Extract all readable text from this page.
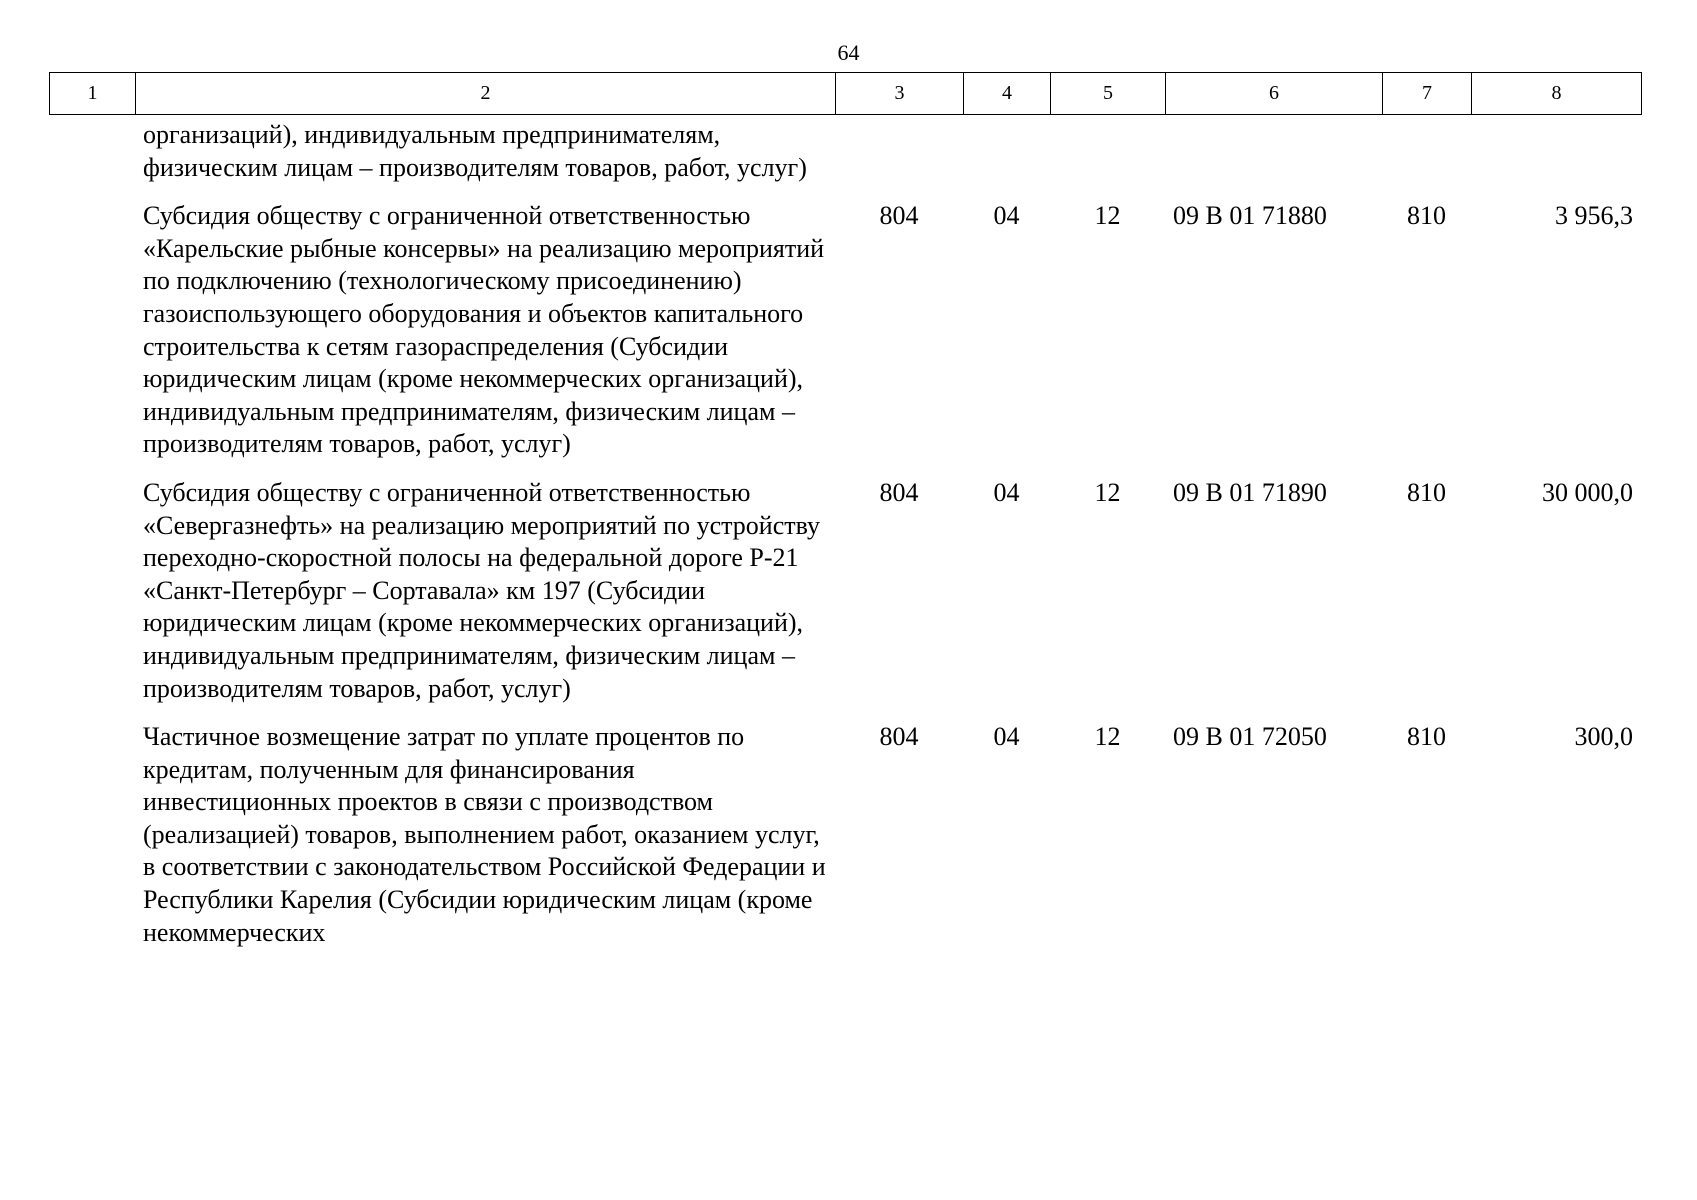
64
1	2	3	4	5	6	7	8
организаций), индивидуальным предпринимателям, физическим лицам – производителям товаров, работ, услуг)						
Субсидия обществу с ограниченной ответственностью «Карельские рыбные консервы» на реализацию мероприятий по подключению (технологическому присоединению) газоиспользующего оборудования и объектов капитального строительства к сетям газораспределения (Субсидии юридическим лицам (кроме некоммерческих организаций), индивидуальным предпринимателям, физическим лицам – производителям товаров, работ, услуг)	804	04	12	09 В 01 71880	810	3 956,3
Субсидия обществу с ограниченной ответственностью «Севергазнефть» на реализацию мероприятий по устройству переходно-скоростной полосы на федеральной дороге Р-21 «Санкт-Петербург – Сортавала» км 197 (Субсидии юридическим лицам (кроме некоммерческих организаций), индивидуальным предпринимателям, физическим лицам – производителям товаров, работ, услуг)	804	04	12	09 В 01 71890	810	30 000,0
Частичное возмещение затрат по уплате процентов по кредитам, полученным для финансирования инвестиционных проектов в связи с производством (реализацией) товаров, выполнением работ, оказанием услуг, в соответствии с законодательством Российской Федерации и Республики Карелия (Субсидии юридическим лицам (кроме некоммерческих	804	04	12	09 В 01 72050	810	300,0
